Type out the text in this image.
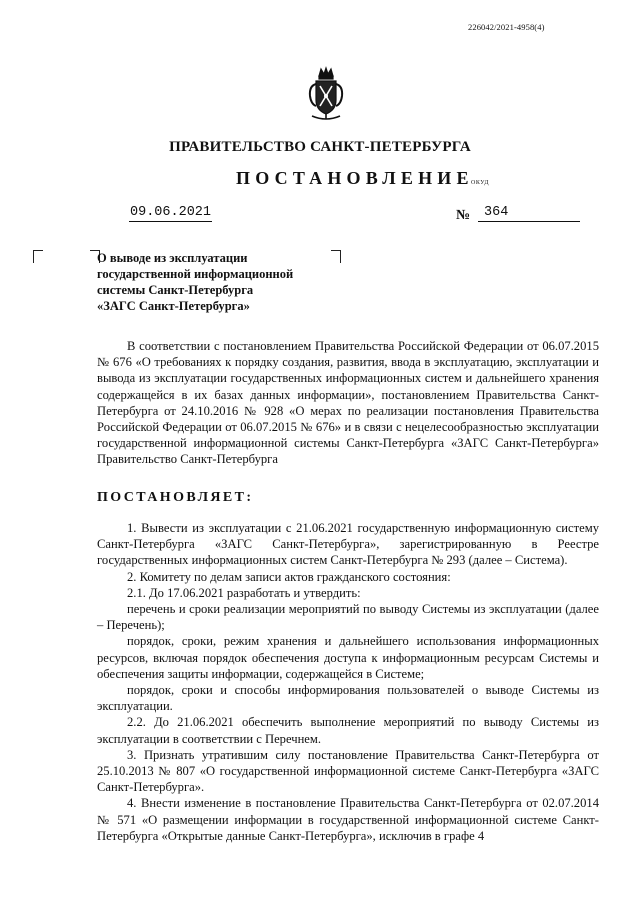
226042/2021-4958(4)
ПРАВИТЕЛЬСТВО САНКТ-ПЕТЕРБУРГА
ПОСТАНОВЛЕНИЕ
ОКУД
09.06.2021	№	364
О выводе из эксплуатации
государственной информационной
системы Санкт-Петербурга
«ЗАГС Санкт-Петербурга»
В соответствии с постановлением Правительства Российской Федерации от 06.07.2015 № 676 «О требованиях к порядку создания, развития, ввода в эксплуатацию, эксплуатации и вывода из эксплуатации государственных информационных систем и дальнейшего хранения содержащейся в их базах данных информации», постановлением Правительства Санкт-Петербурга от 24.10.2016 № 928 «О мерах по реализации постановления Правительства Российской Федерации от 06.07.2015 № 676» и в связи с нецелесообразностью эксплуатации государственной информационной системы Санкт-Петербурга «ЗАГС Санкт-Петербурга» Правительство Санкт-Петербурга
ПОСТАНОВЛЯЕТ:

1. Вывести из эксплуатации с 21.06.2021 государственную информационную систему Санкт-Петербурга «ЗАГС Санкт-Петербурга», зарегистрированную в Реестре государственных информационных систем Санкт-Петербурга № 293 (далее – Система).

2. Комитету по делам записи актов гражданского состояния:

2.1. До 17.06.2021 разработать и утвердить:

перечень и сроки реализации мероприятий по выводу Системы из эксплуатации (далее – Перечень);

порядок, сроки, режим хранения и дальнейшего использования информационных ресурсов, включая порядок обеспечения доступа к информационным ресурсам Системы и обеспечения защиты информации, содержащейся в Системе;

порядок, сроки и способы информирования пользователей о выводе Системы из эксплуатации.

2.2. До 21.06.2021 обеспечить выполнение мероприятий по выводу Системы из эксплуатации в соответствии с Перечнем.

3. Признать утратившим силу постановление Правительства Санкт-Петербурга от 25.10.2013 № 807 «О государственной информационной системе Санкт-Петербурга «ЗАГС Санкт-Петербурга».

4. Внести изменение в постановление Правительства Санкт-Петербурга от 02.07.2014 № 571 «О размещении информации в государственной информационной системе Санкт-Петербурга «Открытые данные Санкт-Петербурга», исключив в графе 4
